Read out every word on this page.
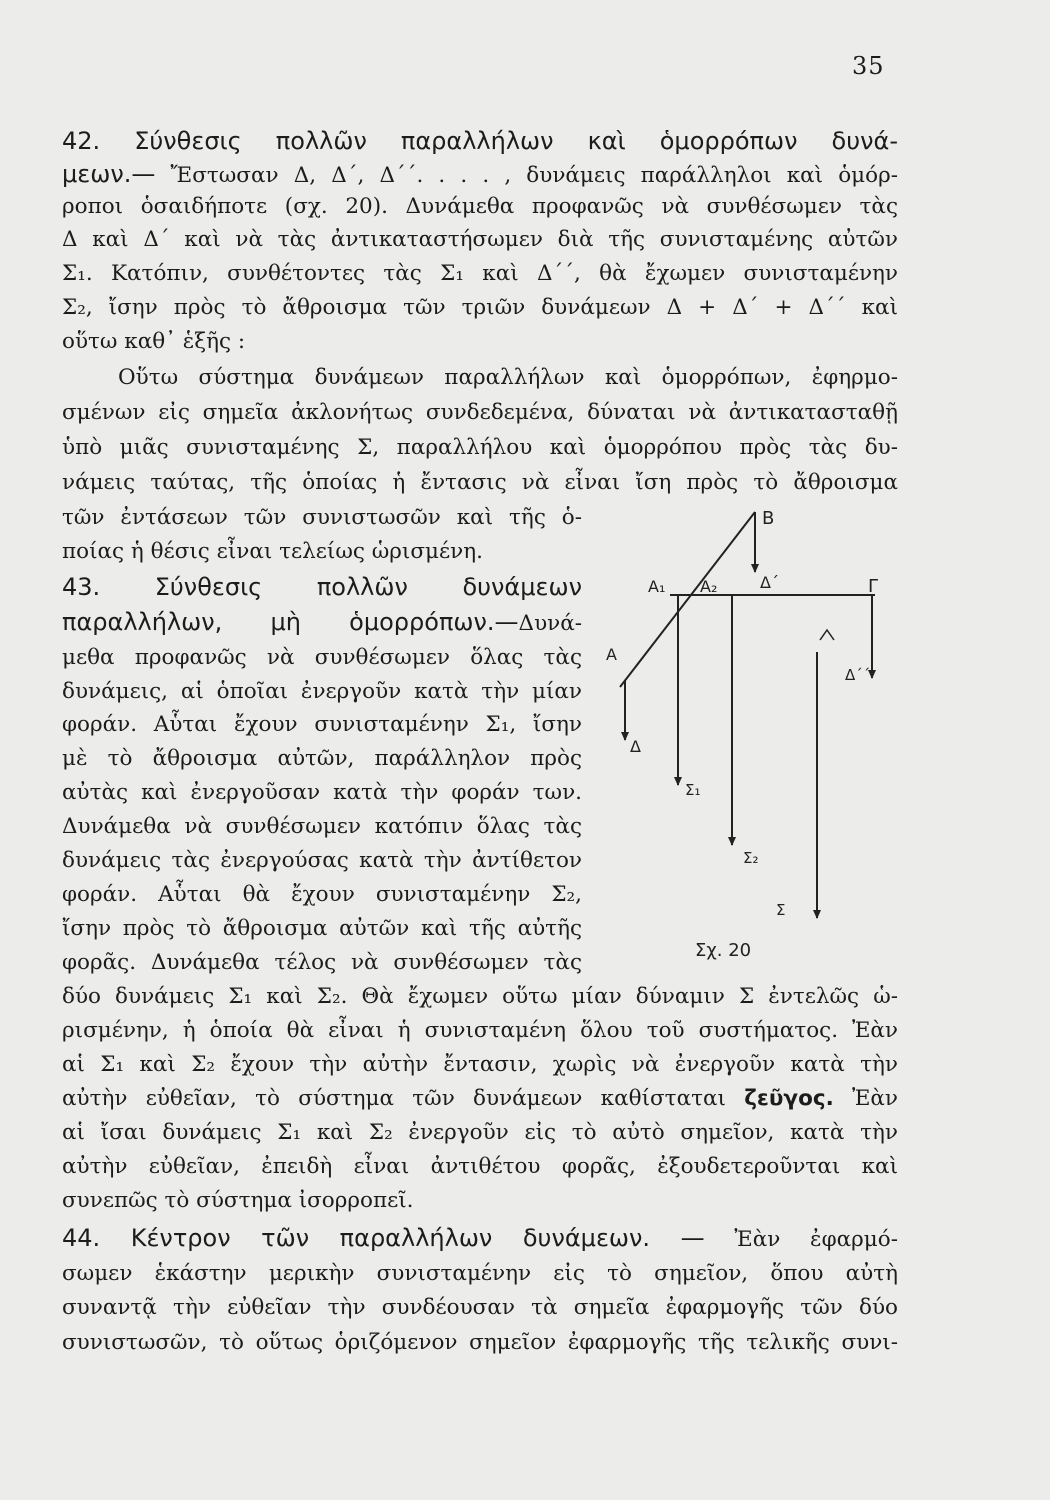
35
42. Σύνθεσις πολλῶν παραλλήλων καὶ ὁμορρόπων δυνά-
μεων.— Ἔστωσαν Δ, Δ΄, Δ΄΄. . . . , δυνάμεις παράλληλοι καὶ ὁμόρ-
ροποι ὁσαιδήποτε (σχ. 20). Δυνάμεθα προφανῶς νὰ συνθέσωμεν τὰς
Δ καὶ Δ΄ καὶ νὰ τὰς ἀντικαταστήσωμεν διὰ τῆς συνισταμένης αὐτῶν
Σ₁. Κατόπιν, συνθέτοντες τὰς Σ₁ καὶ Δ΄΄, θὰ ἔχωμεν συνισταμένην
Σ₂, ἴσην πρὸς τὸ ἄθροισμα τῶν τριῶν δυνάμεων Δ + Δ΄ + Δ΄΄ καὶ
οὕτω καθ᾿ ἑξῆς :
Οὕτω σύστημα δυνάμεων παραλλήλων καὶ ὁμορρόπων, ἐφηρμο-
σμένων εἰς σημεῖα ἀκλονήτως συνδεδεμένα, δύναται νὰ ἀντικατασταθῇ
ὑπὸ μιᾶς συνισταμένης Σ, παραλλήλου καὶ ὁμορρόπου πρὸς τὰς δυ-
νάμεις ταύτας, τῆς ὁποίας ἡ ἔντασις νὰ εἶναι ἴση πρὸς τὸ ἄθροισμα
τῶν ἐντάσεων τῶν συνιστωσῶν καὶ τῆς ὁ-
ποίας ἡ θέσις εἶναι τελείως ὡρισμένη.
43. Σύνθεσις πολλῶν δυνάμεων
παραλλήλων, μὴ ὁμορρόπων.—Δυνά-
μεθα προφανῶς νὰ συνθέσωμεν ὅλας τὰς
δυνάμεις, αἱ ὁποῖαι ἐνεργοῦν κατὰ τὴν μίαν
φοράν. Αὗται ἔχουν συνισταμένην Σ₁, ἴσην
μὲ τὸ ἄθροισμα αὐτῶν, παράλληλον πρὸς
αὐτὰς καὶ ἐνεργοῦσαν κατὰ τὴν φοράν των.
Δυνάμεθα νὰ συνθέσωμεν κατόπιν ὅλας τὰς
δυνάμεις τὰς ἐνεργούσας κατὰ τὴν ἀντίθετον
φοράν. Αὗται θὰ ἔχουν συνισταμένην Σ₂,
ἴσην πρὸς τὸ ἄθροισμα αὐτῶν καὶ τῆς αὐτῆς
φορᾶς. Δυνάμεθα τέλος νὰ συνθέσωμεν τὰς
δύο δυνάμεις Σ₁ καὶ Σ₂. Θὰ ἔχωμεν οὕτω μίαν δύναμιν Σ ἐντελῶς ὡ-
ρισμένην, ἡ ὁποία θὰ εἶναι ἡ συνισταμένη ὅλου τοῦ συστήματος. Ἐὰν
αἱ Σ₁ καὶ Σ₂ ἔχουν τὴν αὐτὴν ἔντασιν, χωρὶς νὰ ἐνεργοῦν κατὰ τὴν
αὐτὴν εὐθεῖαν, τὸ σύστημα τῶν δυνάμεων καθίσταται ζεῦγος. Ἐὰν
αἱ ἴσαι δυνάμεις Σ₁ καὶ Σ₂ ἐνεργοῦν εἰς τὸ αὐτὸ σημεῖον, κατὰ τὴν
αὐτὴν εὐθεῖαν, ἐπειδὴ εἶναι ἀντιθέτου φορᾶς, ἐξουδετεροῦνται καὶ
συνεπῶς τὸ σύστημα ἰσορροπεῖ.
44. Κέντρον τῶν παραλλήλων δυνάμεων. — Ἐὰν ἐφαρμό-
σωμεν ἑκάστην μερικὴν συνισταμένην εἰς τὸ σημεῖον, ὅπου αὐτὴ
συναντᾷ τὴν εὐθεῖαν τὴν συνδέουσαν τὰ σημεῖα ἐφαρμογῆς τῶν δύο
συνιστωσῶν, τὸ οὕτως ὁριζόμενον σημεῖον ἐφαρμογῆς τῆς τελικῆς συνι-
Β
Α₁ Α₂	Δ΄	Γ
Α
Δ΄΄
Δ
Σ₁
Σ₂
Σ
Σχ. 20
